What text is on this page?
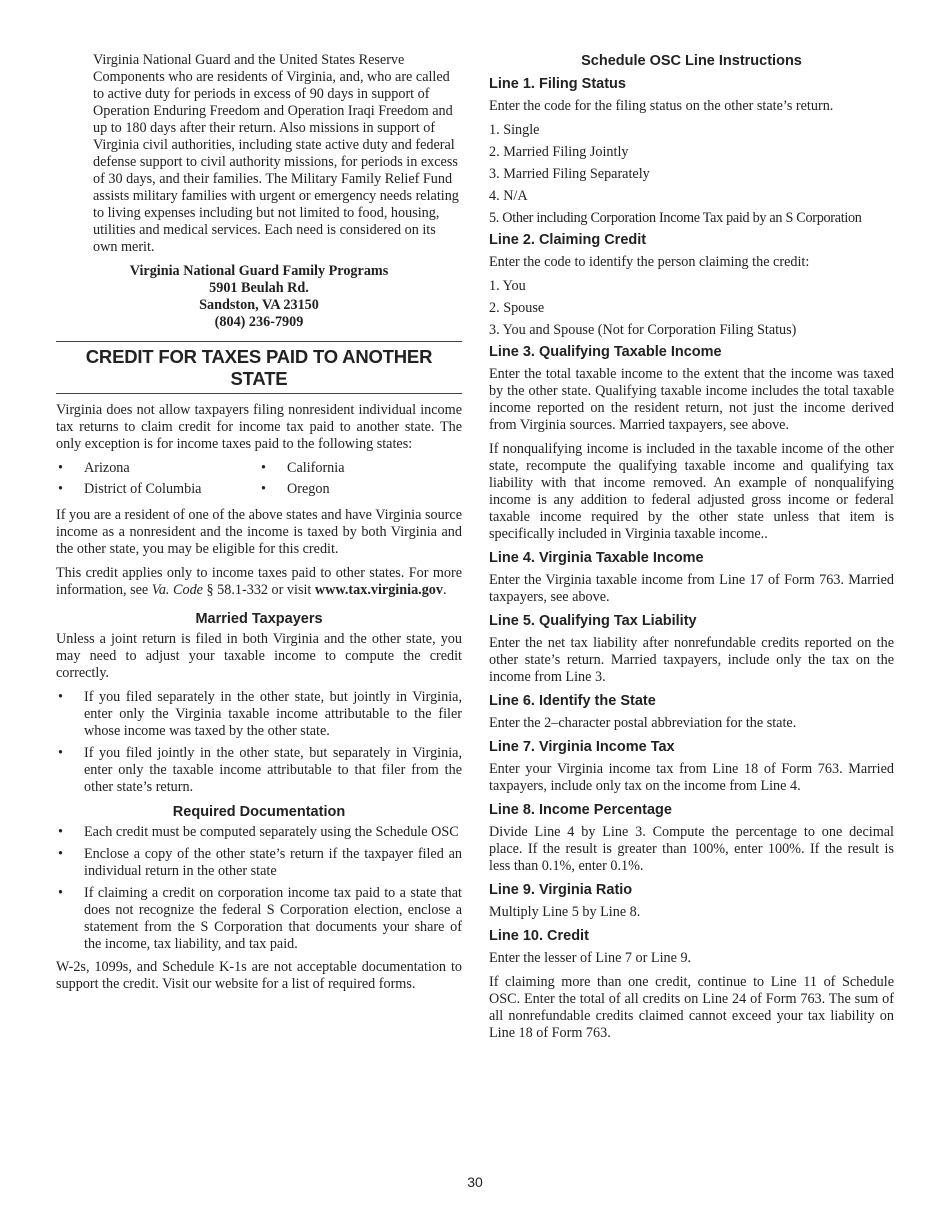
Virginia National Guard and the United States Reserve Components who are residents of Virginia, and, who are called to active duty for periods in excess of 90 days in support of Operation Enduring Freedom and Operation Iraqi Freedom and up to 180 days after their return. Also missions in support of Virginia civil authorities, including state active duty and federal defense support to civil authority missions, for periods in excess of 30 days, and their families. The Military Family Relief Fund assists military families with urgent or emergency needs relating to living expenses including but not limited to food, housing, utilities and medical services. Each need is considered on its own merit.

Virginia National Guard Family Programs
5901 Beulah Rd.
Sandston, VA 23150
(804) 236-7909
CREDIT FOR TAXES PAID TO ANOTHER STATE

Virginia does not allow taxpayers filing nonresident individual income tax returns to claim credit for income tax paid to another state. The only exception is for income taxes paid to the following states:

• Arizona	• California
• District of Columbia	• Oregon

If you are a resident of one of the above states and have Virginia source income as a nonresident and the income is taxed by both Virginia and the other state, you may be eligible for this credit.

This credit applies only to income taxes paid to other states. For more information, see Va. Code § 58.1-332 or visit www.tax.virginia.gov.

Married Taxpayers

Unless a joint return is filed in both Virginia and the other state, you may need to adjust your taxable income to compute the credit correctly.

• If you filed separately in the other state, but jointly in Virginia, enter only the Virginia taxable income attributable to the filer whose income was taxed by the other state.
• If you filed jointly in the other state, but separately in Virginia, enter only the taxable income attributable to that filer from the other state’s return.
Required Documentation
• Each credit must be computed separately using the Schedule OSC
• Enclose a copy of the other state’s return if the taxpayer filed an individual return in the other state
• If claiming a credit on corporation income tax paid to a state that does not recognize the federal S Corporation election, enclose a statement from the S Corporation that documents your share of the income, tax liability, and tax paid.

W-2s, 1099s, and Schedule K-1s are not acceptable documentation to support the credit. Visit our website for a list of required forms.

Schedule OSC Line Instructions
Line 1. Filing Status

Enter the code for the filing status on the other state’s return.

1. Single
2. Married Filing Jointly
3. Married Filing Separately
4. N/A
5. Other including Corporation Income Tax paid by an S Corporation
Line 2. Claiming Credit

Enter the code to identify the person claiming the credit:

1. You
2. Spouse
3. You and Spouse (Not for Corporation Filing Status)
Line 3. Qualifying Taxable Income

Enter the total taxable income to the extent that the income was taxed by the other state. Qualifying taxable income includes the total taxable income reported on the resident return, not just the income derived from Virginia sources. Married taxpayers, see above.

If nonqualifying income is included in the taxable income of the other state, recompute the qualifying taxable income and qualifying tax liability with that income removed. An example of nonqualifying income is any addition to federal adjusted gross income or federal taxable income required by the other state unless that item is specifically included in Virginia taxable income..

Line 4. Virginia Taxable Income

Enter the Virginia taxable income from Line 17 of Form 763. Married taxpayers, see above.

Line 5. Qualifying Tax Liability

Enter the net tax liability after nonrefundable credits reported on the other state’s return. Married taxpayers, include only the tax on the income from Line 3.

Line 6. Identify the State

Enter the 2–character postal abbreviation for the state.

Line 7. Virginia Income Tax

Enter your Virginia income tax from Line 18 of Form 763. Married taxpayers, include only tax on the income from Line 4.

Line 8. Income Percentage

Divide Line 4 by Line 3. Compute the percentage to one decimal place. If the result is greater than 100%, enter 100%. If the result is less than 0.1%, enter 0.1%.

Line 9. Virginia Ratio

Multiply Line 5 by Line 8.

Line 10. Credit

Enter the lesser of Line 7 or Line 9.

If claiming more than one credit, continue to Line 11 of Schedule OSC. Enter the total of all credits on Line 24 of Form 763. The sum of all nonrefundable credits claimed cannot exceed your tax liability on Line 18 of Form 763.

30
